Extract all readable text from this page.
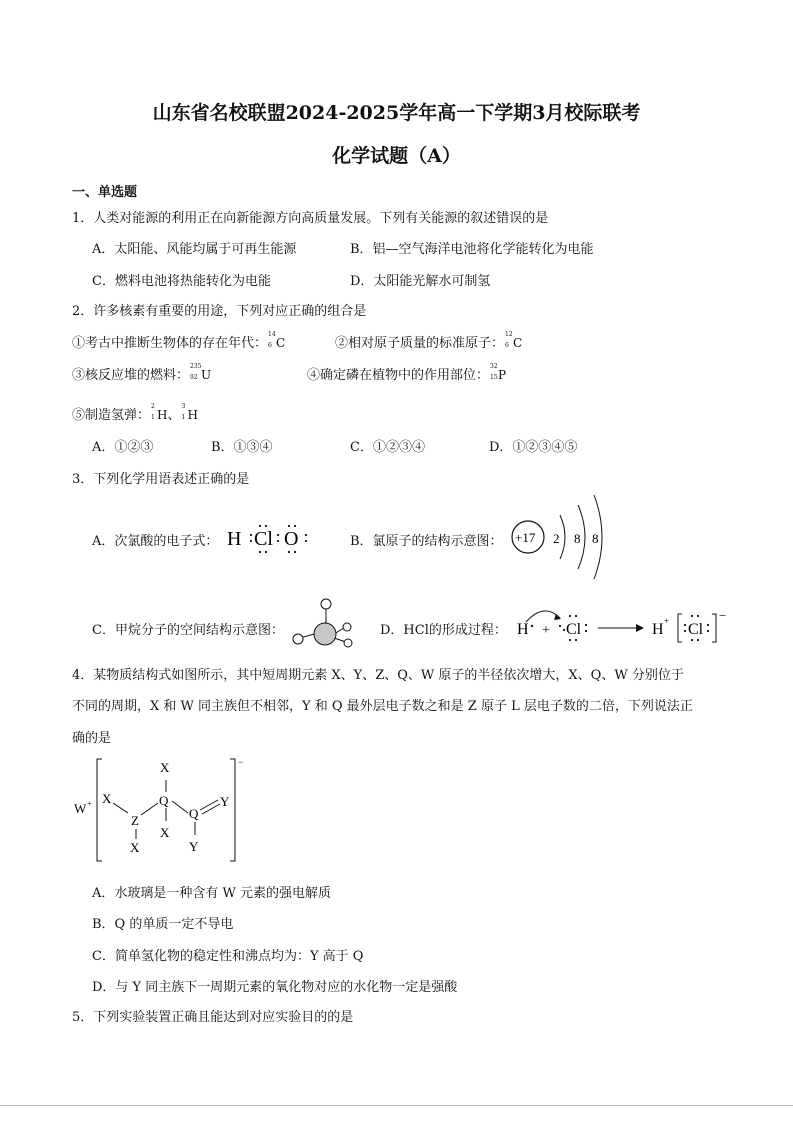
山东省名校联盟2024-2025学年高一下学期3月校际联考
化学试题（A）
一、单选题
1．人类对能源的利用正在向新能源方向高质量发展。下列有关能源的叙述错误的是
A．太阳能、风能均属于可再生能源	B．铝—空气海洋电池将化学能转化为电能
C．燃料电池将热能转化为电能	D．太阳能光解水可制氢
2．许多核素有重要的用途，下列对应正确的组合是
①考古中推断生物体的存在年代：
14
6 C	②相对原子质量的标准原子：
12
6 C
③核反应堆的燃料：
235
92 U	④确定磷在植物中的作用部位：
32
15 P
⑤制造氢弹：
2
1 H、
3
1 H
A．①②③	B．①③④	C．①②③④	D．①②③④⑤
3．下列化学用语表述正确的是
A．次氯酸的电子式： H Cl O	B．氯原子的结构示意图： +17 2 8 8
C．甲烷分子的空间结构示意图：	D．HCl的形成过程： H + Cl	H + Cl
−
4．某物质结构式如图所示，其中短周期元素 X、Y、Z、Q、W 原子的半径依次增大，X、Q、W 分别位于
不同的周期，X 和 W 同主族但不相邻，Y 和 Q 最外层电子数之和是 Z 原子 L 层电子数的二倍，下列说法正
确的是
W +
−
X
Z
X
Q
X
X
Q
Y
Y
A．水玻璃是一种含有 W 元素的强电解质
B．Q 的单质一定不导电
C．简单氢化物的稳定性和沸点均为：Y 高于 Q
D．与 Y 同主族下一周期元素的氧化物对应的水化物一定是强酸
5．下列实验装置正确且能达到对应实验目的的是
